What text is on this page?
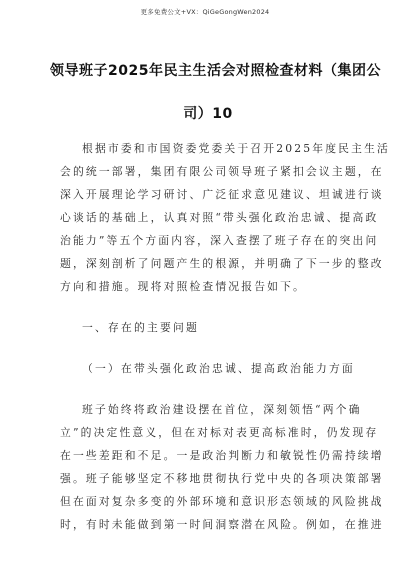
更多免费公文+VX：QiGeGongWen2024
领导班子2025年民主生活会对照检查材料（集团公
司）10
根据市委和市国资委党委关于召开2025年度民主生活
会的统一部署，集团有限公司领导班子紧扣会议主题，在
深入开展理论学习研讨、广泛征求意见建议、坦诚进行谈
心谈话的基础上，认真对照“带头强化政治忠诚、提高政
治能力”等五个方面内容，深入查摆了班子存在的突出问
题，深刻剖析了问题产生的根源，并明确了下一步的整改
方向和措施。现将对照检查情况报告如下。
一、存在的主要问题
（一）在带头强化政治忠诚、提高政治能力方面
班子始终将政治建设摆在首位，深刻领悟“两个确
立”的决定性意义，但在对标对表更高标准时，仍发现存
在一些差距和不足。一是政治判断力和敏锐性仍需持续增
强。班子能够坚定不移地贯彻执行党中央的各项决策部署
但在面对复杂多变的外部环境和意识形态领域的风险挑战
时，有时未能做到第一时间洞察潜在风险。例如，在推进
